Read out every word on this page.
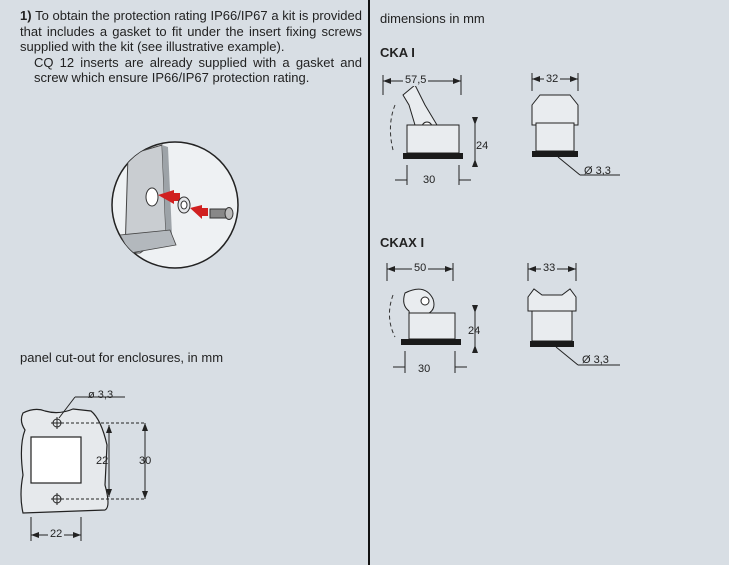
1) To obtain the protection rating IP66/IP67 a kit is provided that includes a gasket to fit under the insert fixing screws supplied with the kit (see illustrative example).

CQ 12 inserts are already supplied with a gasket and screw which ensure IP66/IP67 protection rating.

panel cut-out for enclosures, in mm
ø 3,3
22	30
22
dimensions in mm
CKA I
57,5
24
30
32
Ø 3,3
CKAX I
50
24
30
33
Ø 3,3
